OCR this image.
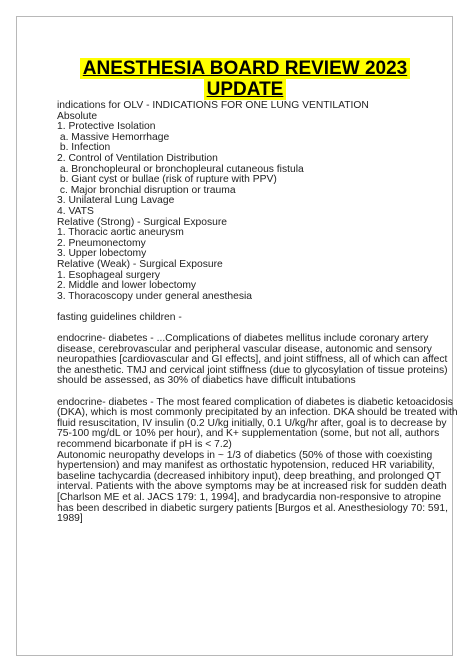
ANESTHESIA BOARD REVIEW 2023
UPDATE
indications for OLV - INDICATIONS FOR ONE LUNG VENTILATION
Absolute
1. Protective Isolation
a. Massive Hemorrhage
b. Infection
2. Control of Ventilation Distribution
a. Bronchopleural or bronchopleural cutaneous fistula
b. Giant cyst or bullae (risk of rupture with PPV)
c. Major bronchial disruption or trauma
3. Unilateral Lung Lavage
4. VATS
Relative (Strong) - Surgical Exposure
1. Thoracic aortic aneurysm
2. Pneumonectomy
3. Upper lobectomy
Relative (Weak) - Surgical Exposure
1. Esophageal surgery
2. Middle and lower lobectomy
3. Thoracoscopy under general anesthesia
fasting guidelines children -
endocrine- diabetes - ...Complications of diabetes mellitus include coronary artery
disease, cerebrovascular and peripheral vascular disease, autonomic and sensory
neuropathies [cardiovascular and GI effects], and joint stiffness, all of which can affect
the anesthetic. TMJ and cervical joint stiffness (due to glycosylation of tissue proteins)
should be assessed, as 30% of diabetics have difficult intubations
endocrine- diabetes - The most feared complication of diabetes is diabetic ketoacidosis
(DKA), which is most commonly precipitated by an infection. DKA should be treated with
fluid resuscitation, IV insulin (0.2 U/kg initially, 0.1 U/kg/hr after, goal is to decrease by
75-100 mg/dL or 10% per hour), and K+ supplementation (some, but not all, authors
recommend bicarbonate if pH is < 7.2)
Autonomic neuropathy develops in ~ 1/3 of diabetics (50% of those with coexisting
hypertension) and may manifest as orthostatic hypotension, reduced HR variability,
baseline tachycardia (decreased inhibitory input), deep breathing, and prolonged QT
interval. Patients with the above symptoms may be at increased risk for sudden death
[Charlson ME et al. JACS 179: 1, 1994], and bradycardia non-responsive to atropine
has been described in diabetic surgery patients [Burgos et al. Anesthesiology 70: 591,
1989]
